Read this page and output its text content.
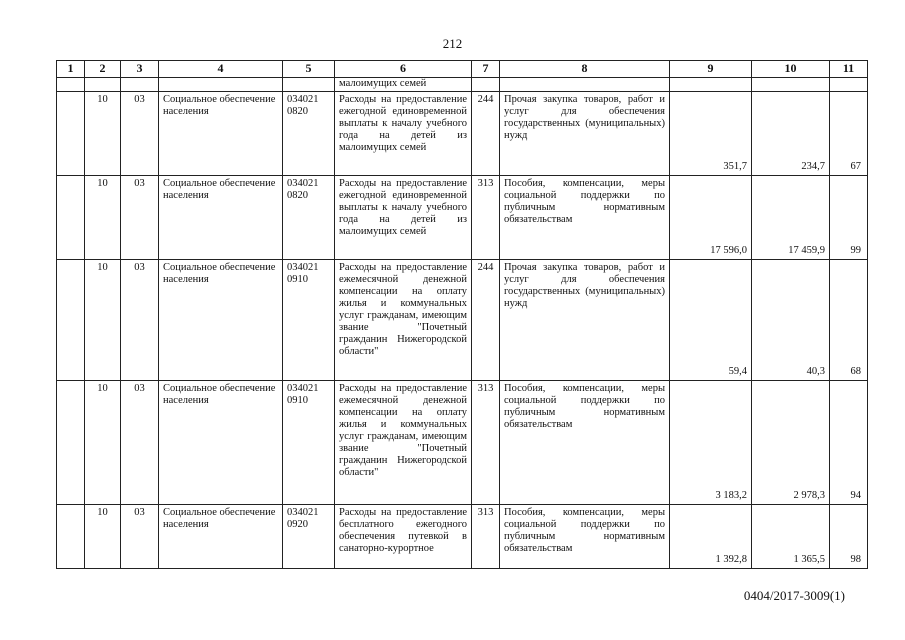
212
1	2	3	4	5	6	7	8	9	10	11
					малоимущих семей					
	10	03	Социальное обеспечение населения	034021 0820	Расходы на предоставление ежегодной единовременной выплаты к началу учебного года на детей из малоимущих семей	244	Прочая закупка товаров, работ и услуг для обеспечения государственных (муниципальных) нужд	351,7	234,7	67

	10	03	Социальное обеспечение населения	034021 0820	Расходы на предоставление ежегодной единовременной выплаты к началу учебного года на детей из малоимущих семей	313	Пособия, компенсации, меры социальной поддержки по публичным нормативным обязательствам	17 596,0	17 459,9	99

	10	03	Социальное обеспечение населения	034021 0910	Расходы на предоставление ежемесячной денежной компенсации на оплату жилья и коммунальных услуг гражданам, имеющим звание "Почетный гражданин Нижегородской области"	244	Прочая закупка товаров, работ и услуг для обеспечения государственных (муниципальных) нужд	59,4	40,3	68

	10	03	Социальное обеспечение населения	034021 0910	Расходы на предоставление ежемесячной денежной компенсации на оплату жилья и коммунальных услуг гражданам, имеющим звание "Почетный гражданин Нижегородской области"	313	Пособия, компенсации, меры социальной поддержки по публичным нормативным обязательствам	3 183,2	2 978,3	94

	10	03	Социальное обеспечение населения	034021 0920	Расходы на предоставление бесплатного ежегодного обеспечения путевкой в санаторно-курортное	313	Пособия, компенсации, меры социальной поддержки по публичным нормативным обязательствам	1 392,8	1 365,5	98
0404/2017-3009(1)
